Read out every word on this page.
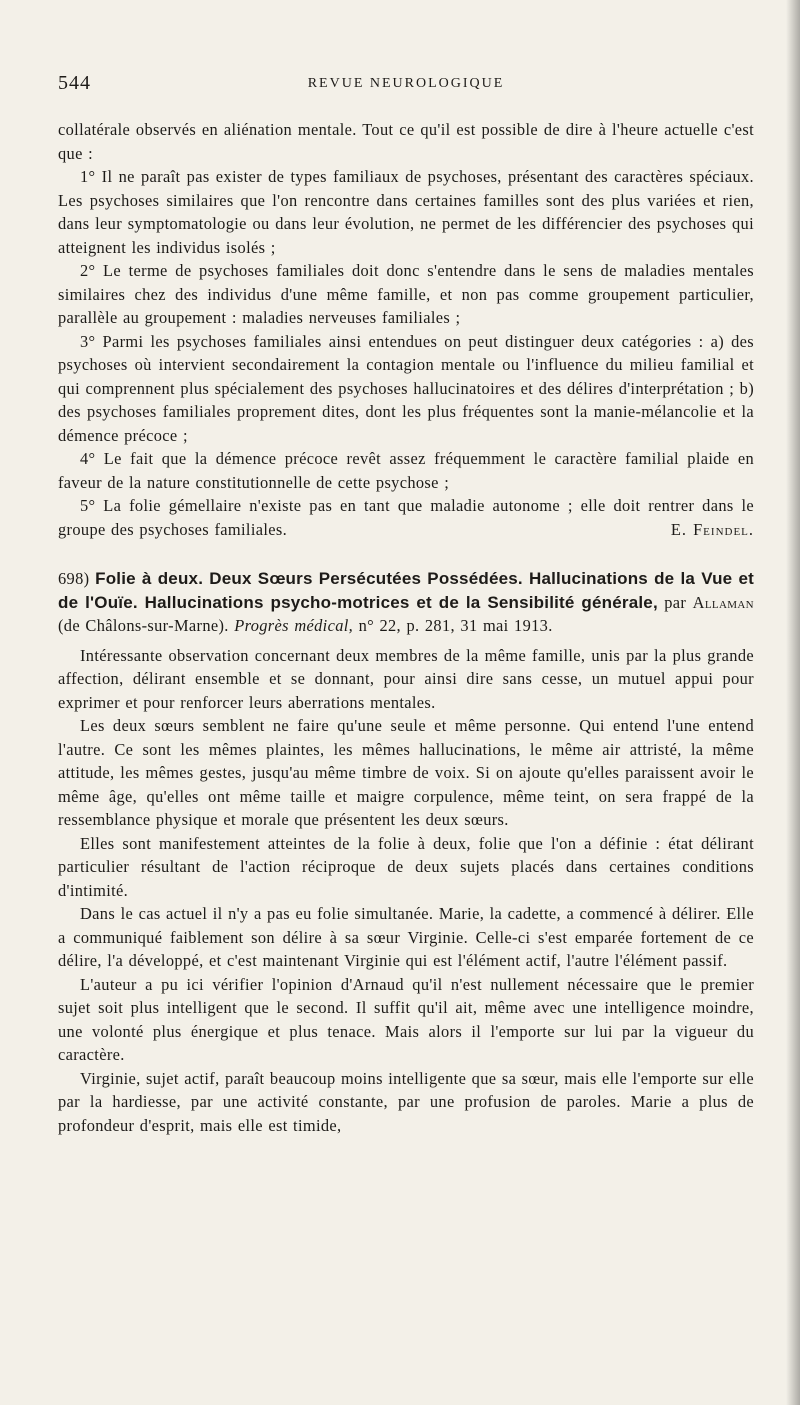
544	REVUE NEUROLOGIQUE

collatérale observés en aliénation mentale. Tout ce qu'il est possible de dire à l'heure actuelle c'est que :

1° Il ne paraît pas exister de types familiaux de psychoses, présentant des caractères spéciaux. Les psychoses similaires que l'on rencontre dans certaines familles sont des plus variées et rien, dans leur symptomatologie ou dans leur évolution, ne permet de les différencier des psychoses qui atteignent les individus isolés ;

2° Le terme de psychoses familiales doit donc s'entendre dans le sens de maladies mentales similaires chez des individus d'une même famille, et non pas comme groupement particulier, parallèle au groupement : maladies nerveuses familiales ;

3° Parmi les psychoses familiales ainsi entendues on peut distinguer deux catégories : a) des psychoses où intervient secondairement la contagion mentale ou l'influence du milieu familial et qui comprennent plus spécialement des psychoses hallucinatoires et des délires d'interprétation ; b) des psychoses familiales proprement dites, dont les plus fréquentes sont la manie-mélancolie et la démence précoce ;

4° Le fait que la démence précoce revêt assez fréquemment le caractère familial plaide en faveur de la nature constitutionnelle de cette psychose ;

5° La folie gémellaire n'existe pas en tant que maladie autonome ; elle doit rentrer dans le groupe des psychoses familiales.	E. Feindel.

698) Folie à deux. Deux Sœurs Persécutées Possédées. Hallucinations de la Vue et de l'Ouïe. Hallucinations psycho-motrices et de la Sensibilité générale, par Allaman (de Châlons-sur-Marne). Progrès médical, n° 22, p. 281, 31 mai 1913.

Intéressante observation concernant deux membres de la même famille, unis par la plus grande affection, délirant ensemble et se donnant, pour ainsi dire sans cesse, un mutuel appui pour exprimer et pour renforcer leurs aberrations mentales.

Les deux sœurs semblent ne faire qu'une seule et même personne. Qui entend l'une entend l'autre. Ce sont les mêmes plaintes, les mêmes hallucinations, le même air attristé, la même attitude, les mêmes gestes, jusqu'au même timbre de voix. Si on ajoute qu'elles paraissent avoir le même âge, qu'elles ont même taille et maigre corpulence, même teint, on sera frappé de la ressemblance physique et morale que présentent les deux sœurs.

Elles sont manifestement atteintes de la folie à deux, folie que l'on a définie : état délirant particulier résultant de l'action réciproque de deux sujets placés dans certaines conditions d'intimité.

Dans le cas actuel il n'y a pas eu folie simultanée. Marie, la cadette, a commencé à délirer. Elle a communiqué faiblement son délire à sa sœur Virginie. Celle-ci s'est emparée fortement de ce délire, l'a développé, et c'est maintenant Virginie qui est l'élément actif, l'autre l'élément passif.

L'auteur a pu ici vérifier l'opinion d'Arnaud qu'il n'est nullement nécessaire que le premier sujet soit plus intelligent que le second. Il suffit qu'il ait, même avec une intelligence moindre, une volonté plus énergique et plus tenace. Mais alors il l'emporte sur lui par la vigueur du caractère.

Virginie, sujet actif, paraît beaucoup moins intelligente que sa sœur, mais elle l'emporte sur elle par la hardiesse, par une activité constante, par une profusion de paroles. Marie a plus de profondeur d'esprit, mais elle est timide,
